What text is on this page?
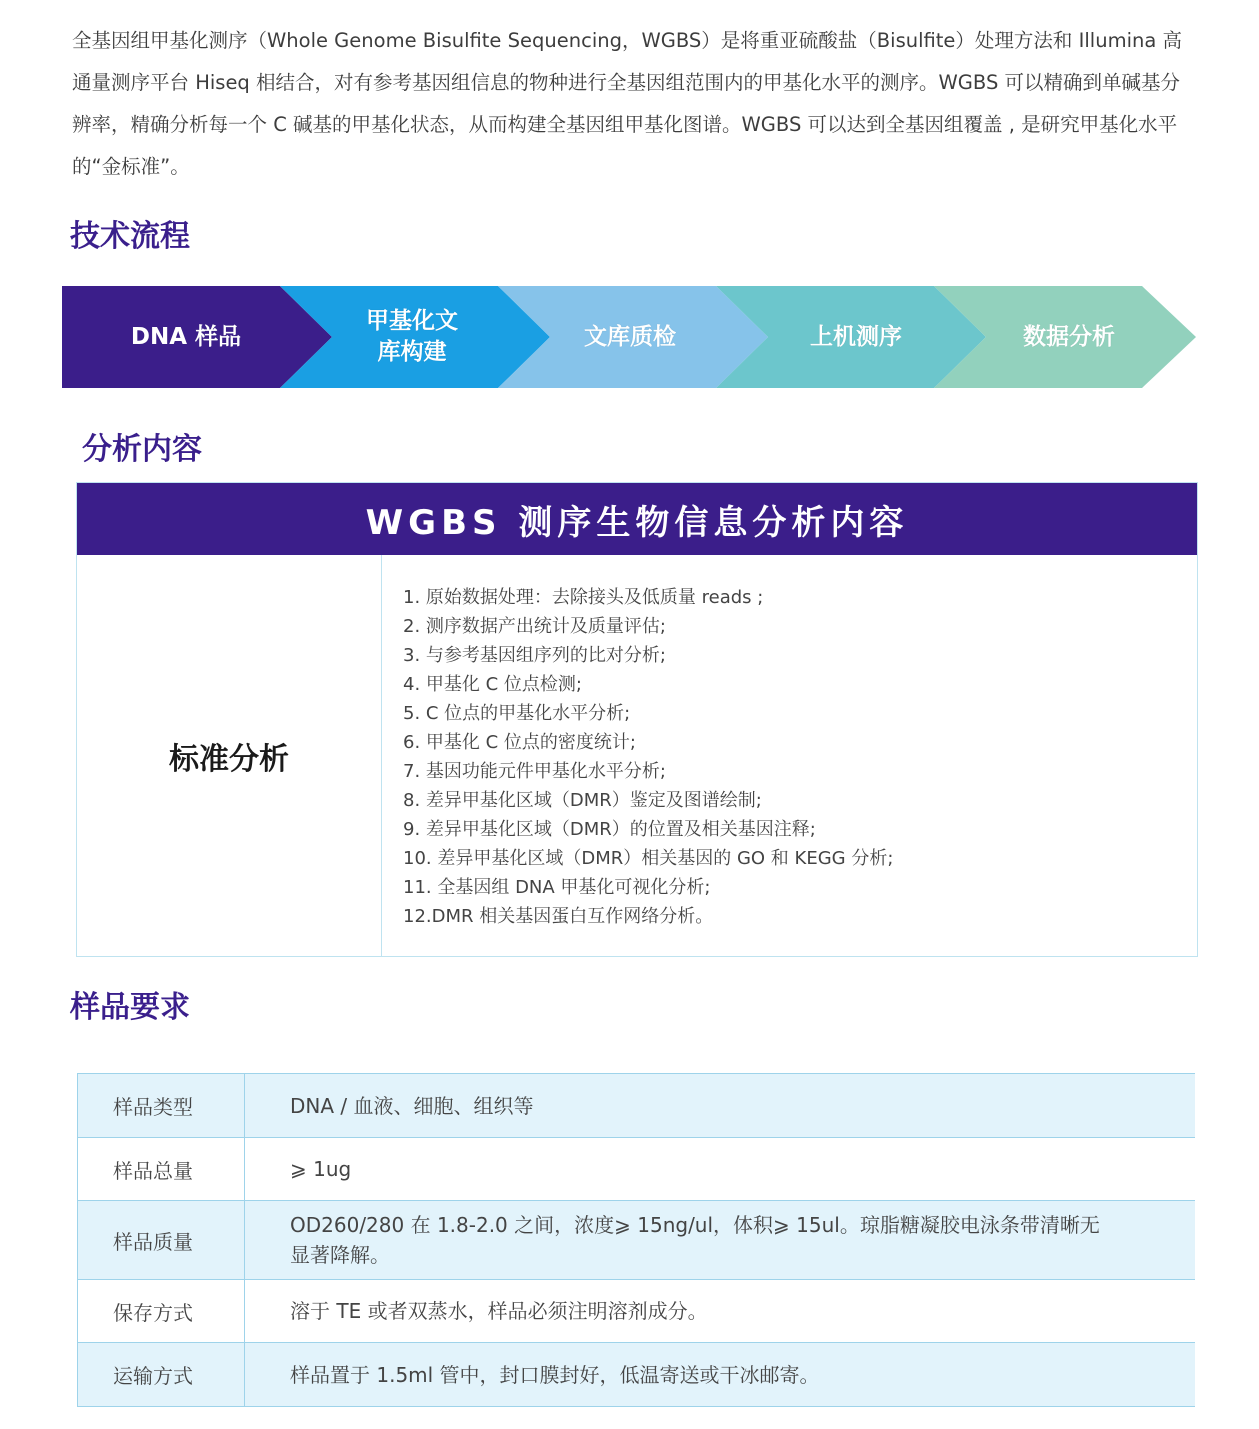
全基因组甲基化测序（Whole Genome Bisulfite Sequencing，WGBS）是将重亚硫酸盐（Bisulfite）处理方法和 Illumina 高通量测序平台 Hiseq 相结合，对有参考基因组信息的物种进行全基因组范围内的甲基化水平的测序。WGBS 可以精确到单碱基分辨率，精确分析每一个 C 碱基的甲基化状态，从而构建全基因组甲基化图谱。WGBS 可以达到全基因组覆盖 , 是研究甲基化水平的“金标准”。

技术流程
DNA 样品
甲基化文
库构建
文库质检	上机测序	数据分析
分析内容
WGBS 测序生物信息分析内容
标准分析
1. 原始数据处理：去除接头及低质量 reads ;
2. 测序数据产出统计及质量评估;
3. 与参考基因组序列的比对分析;
4. 甲基化 C 位点检测;
5. C 位点的甲基化水平分析;
6. 甲基化 C 位点的密度统计;
7. 基因功能元件甲基化水平分析;
8. 差异甲基化区域（DMR）鉴定及图谱绘制;
9. 差异甲基化区域（DMR）的位置及相关基因注释;
10. 差异甲基化区域（DMR）相关基因的 GO 和 KEGG 分析;
11. 全基因组 DNA 甲基化可视化分析;
12.DMR 相关基因蛋白互作网络分析。
样品要求
样品类型	DNA / 血液、细胞、组织等
样品总量	⩾ 1ug
样品质量	OD260/280 在 1.8-2.0 之间，浓度⩾ 15ng/ul，体积⩾ 15ul。琼脂糖凝胶电泳条带清晰无显著降解。
保存方式	溶于 TE 或者双蒸水，样品必须注明溶剂成分。
运输方式	样品置于 1.5ml 管中，封口膜封好，低温寄送或干冰邮寄。
